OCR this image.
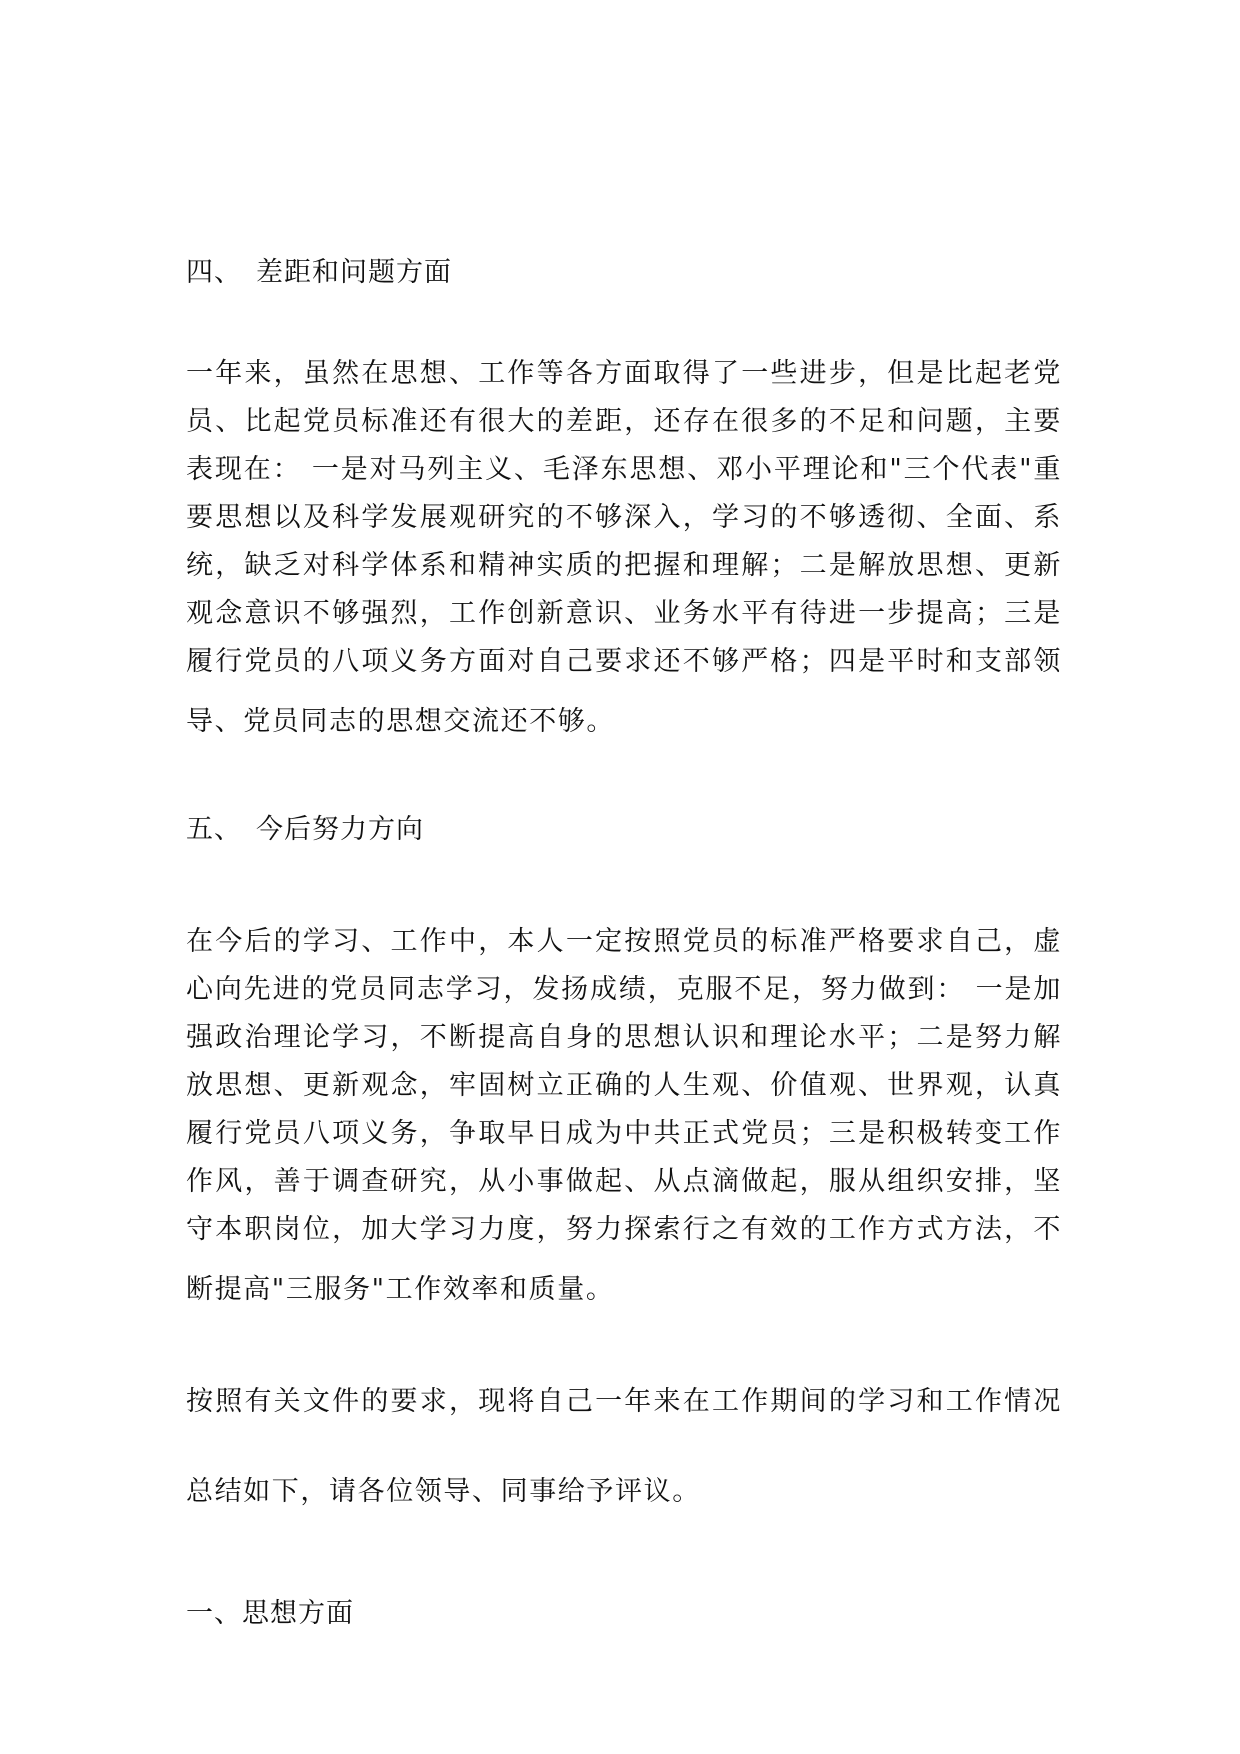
四、 差距和问题方面
一年来，虽然在思想、工作等各方面取得了一些进步，但是比起老党
员、比起党员标准还有很大的差距，还存在很多的不足和问题，主要
表现在： 一是对马列主义、毛泽东思想、邓小平理论和"三个代表"重
要思想以及科学发展观研究的不够深入，学习的不够透彻、全面、系
统，缺乏对科学体系和精神实质的把握和理解；二是解放思想、更新
观念意识不够强烈，工作创新意识、业务水平有待进一步提高；三是
履行党员的八项义务方面对自己要求还不够严格；四是平时和支部领
导、党员同志的思想交流还不够。
五、 今后努力方向
在今后的学习、工作中，本人一定按照党员的标准严格要求自己，虚
心向先进的党员同志学习，发扬成绩，克服不足，努力做到： 一是加
强政治理论学习，不断提高自身的思想认识和理论水平；二是努力解
放思想、更新观念，牢固树立正确的人生观、价值观、世界观，认真
履行党员八项义务，争取早日成为中共正式党员；三是积极转变工作
作风，善于调查研究，从小事做起、从点滴做起，服从组织安排，坚
守本职岗位，加大学习力度，努力探索行之有效的工作方式方法，不
断提高"三服务"工作效率和质量。
按照有关文件的要求，现将自己一年来在工作期间的学习和工作情况
总结如下，请各位领导、同事给予评议。
一、思想方面
